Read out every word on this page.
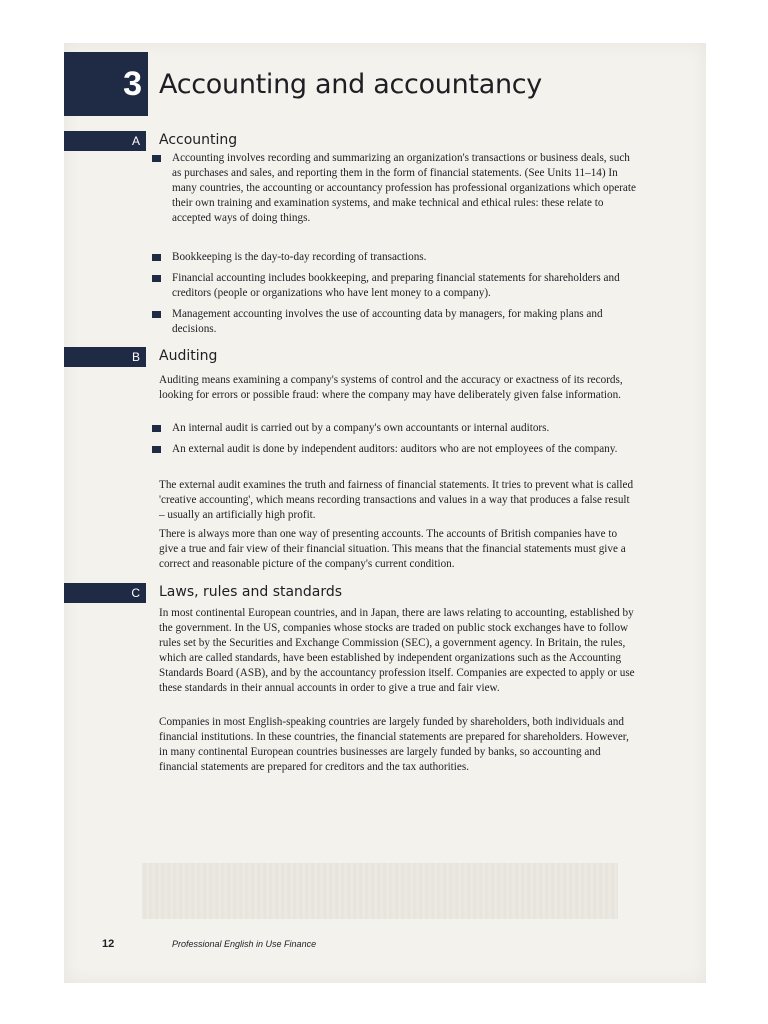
3 Accounting and accountancy
A	Accounting
Accounting involves recording and summarizing an organization's transactions or business deals, such as purchases and sales, and reporting them in the form of financial statements. (See Units 11–14) In many countries, the accounting or accountancy profession has professional organizations which operate their own training and examination systems, and make technical and ethical rules: these relate to accepted ways of doing things.
Bookkeeping is the day-to-day recording of transactions.
Financial accounting includes bookkeeping, and preparing financial statements for shareholders and creditors (people or organizations who have lent money to a company).
Management accounting involves the use of accounting data by managers, for making plans and decisions.
B	Auditing
Auditing means examining a company's systems of control and the accuracy or exactness of its records, looking for errors or possible fraud: where the company may have deliberately given false information.
An internal audit is carried out by a company's own accountants or internal auditors.
An external audit is done by independent auditors: auditors who are not employees of the company.
The external audit examines the truth and fairness of financial statements. It tries to prevent what is called 'creative accounting', which means recording transactions and values in a way that produces a false result – usually an artificially high profit.
There is always more than one way of presenting accounts. The accounts of British companies have to give a true and fair view of their financial situation. This means that the financial statements must give a correct and reasonable picture of the company's current condition.
C	Laws, rules and standards
In most continental European countries, and in Japan, there are laws relating to accounting, established by the government. In the US, companies whose stocks are traded on public stock exchanges have to follow rules set by the Securities and Exchange Commission (SEC), a government agency. In Britain, the rules, which are called standards, have been established by independent organizations such as the Accounting Standards Board (ASB), and by the accountancy profession itself. Companies are expected to apply or use these standards in their annual accounts in order to give a true and fair view.
Companies in most English-speaking countries are largely funded by shareholders, both individuals and financial institutions. In these countries, the financial statements are prepared for shareholders. However, in many continental European countries businesses are largely funded by banks, so accounting and financial statements are prepared for creditors and the tax authorities.
12	Professional English in Use Finance
